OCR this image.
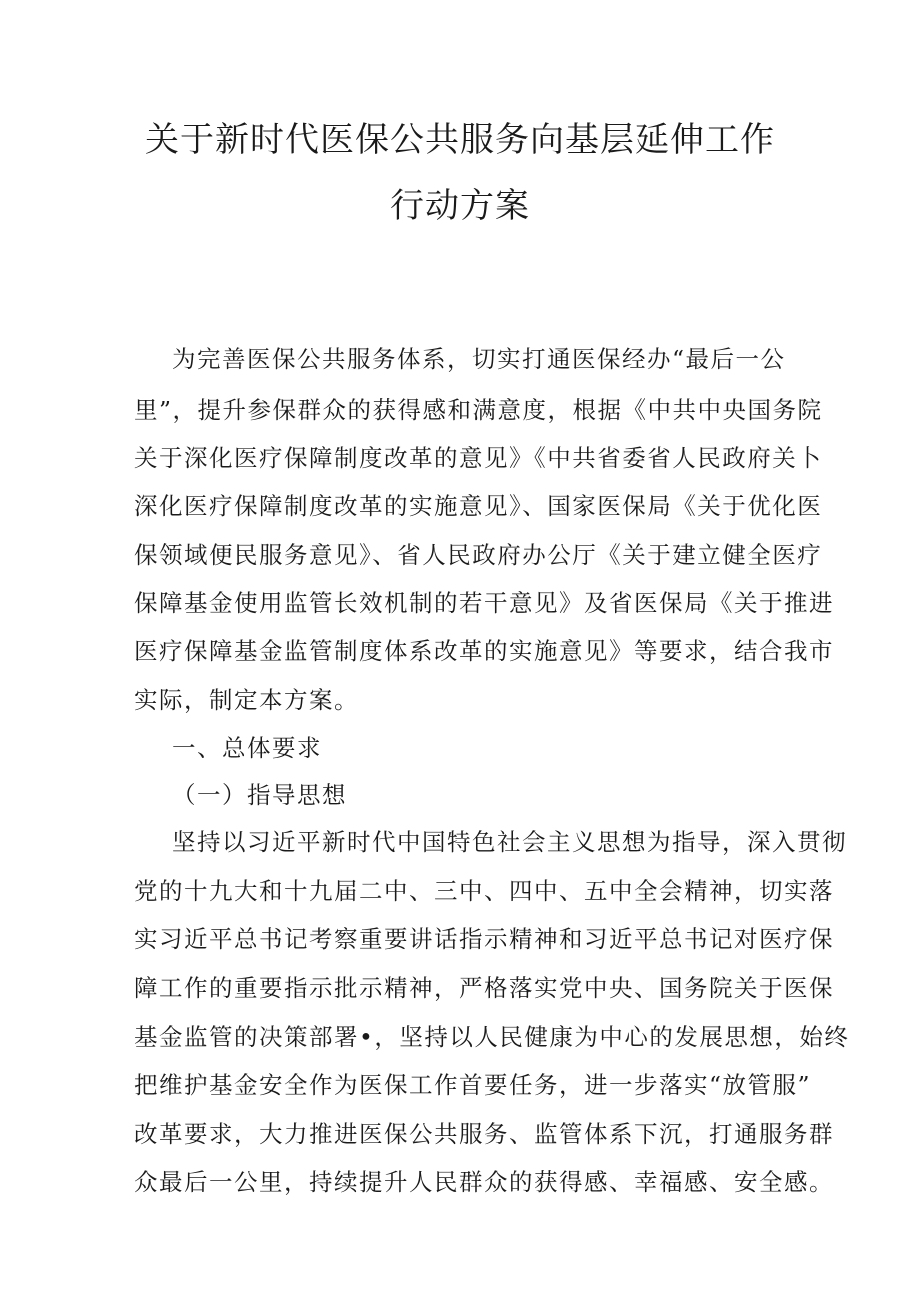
关于新时代医保公共服务向基层延伸工作
行动方案
为完善医保公共服务体系，切实打通医保经办“最后一公
里”，提升参保群众的获得感和满意度，根据《中共中央国务院
关于深化医疗保障制度改革的意见》《中共省委省人民政府关卜
深化医疗保障制度改革的实施意见》、国家医保局《关于优化医
保领域便民服务意见》、省人民政府办公厅《关于建立健全医疗
保障基金使用监管长效机制的若干意见》及省医保局《关于推进
医疗保障基金监管制度体系改革的实施意见》等要求，结合我市
实际，制定本方案。
一、总体要求
（一）指导思想
坚持以习近平新时代中国特色社会主义思想为指导，深入贯彻
党的十九大和十九届二中、三中、四中、五中全会精神，切实落
实习近平总书记考察重要讲话指示精神和习近平总书记对医疗保
障工作的重要指示批示精神，严格落实党中央、国务院关于医保
基金监管的决策部署•，坚持以人民健康为中心的发展思想，始终
把维护基金安全作为医保工作首要任务，进一步落实“放管服”
改革要求，大力推进医保公共服务、监管体系下沉，打通服务群
众最后一公里，持续提升人民群众的获得感、幸福感、安全感。
